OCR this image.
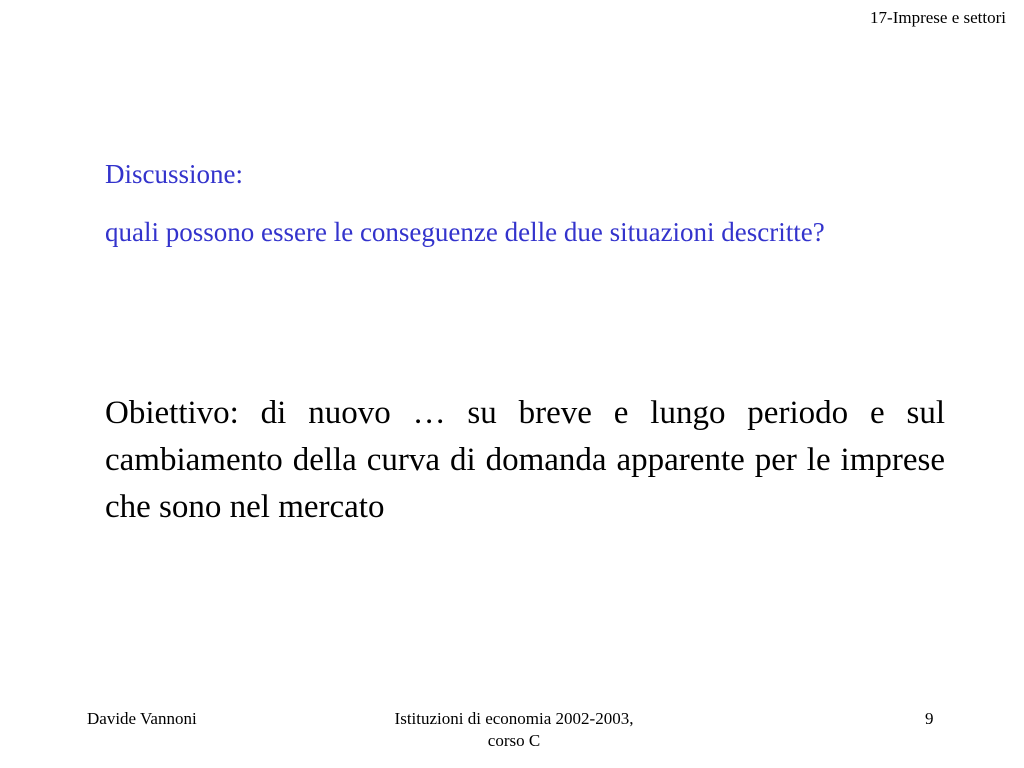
17-Imprese e settori

Discussione:

quali possono essere le conseguenze delle due situazioni descritte?

Obiettivo: di nuovo … su breve e lungo periodo e sul cambiamento della curva di domanda apparente per le imprese che sono nel mercato

Davide Vannoni	Istituzioni di economia 2002-2003,
corso C
9
